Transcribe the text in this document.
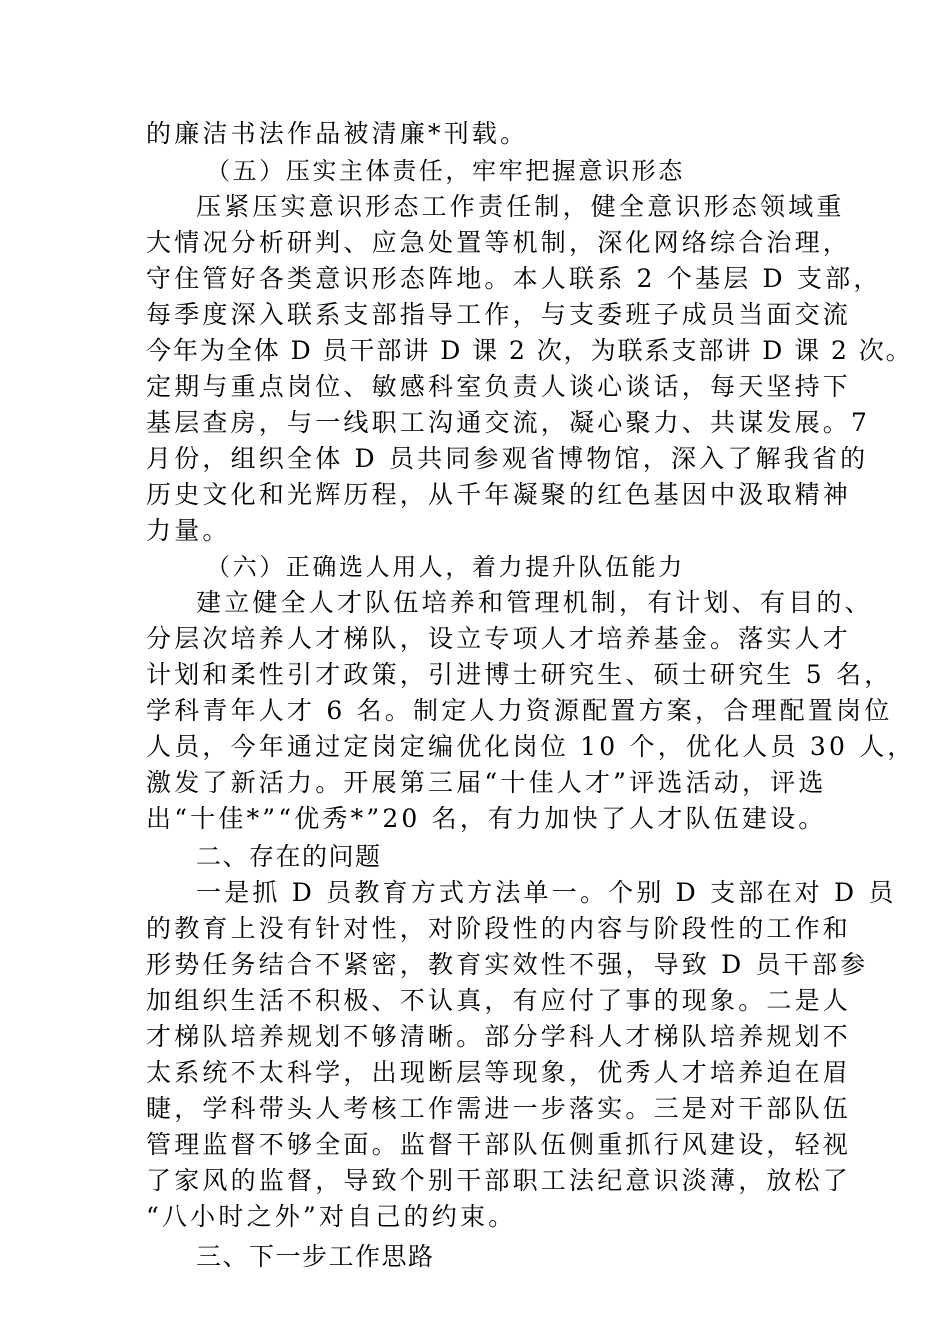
的廉洁书法作品被清廉*刊载。
（五）压实主体责任，牢牢把握意识形态
压紧压实意识形态工作责任制，健全意识形态领域重
大情况分析研判、应急处置等机制，深化网络综合治理，
守住管好各类意识形态阵地。本人联系 2 个基层 D 支部，
每季度深入联系支部指导工作，与支委班子成员当面交流
今年为全体 D 员干部讲 D 课 2 次，为联系支部讲 D 课 2 次。
定期与重点岗位、敏感科室负责人谈心谈话，每天坚持下
基层查房，与一线职工沟通交流，凝心聚力、共谋发展。7
月份，组织全体 D 员共同参观省博物馆，深入了解我省的
历史文化和光辉历程，从千年凝聚的红色基因中汲取精神
力量。
（六）正确选人用人，着力提升队伍能力
建立健全人才队伍培养和管理机制，有计划、有目的、
分层次培养人才梯队，设立专项人才培养基金。落实人才
计划和柔性引才政策，引进博士研究生、硕士研究生 5 名，
学科青年人才 6 名。制定人力资源配置方案，合理配置岗位
人员，今年通过定岗定编优化岗位 10 个，优化人员 30 人，
激发了新活力。开展第三届“十佳人才”评选活动，评选
出“十佳*”“优秀*”20 名，有力加快了人才队伍建设。
二、存在的问题
一是抓 D 员教育方式方法单一。个别 D 支部在对 D 员
的教育上没有针对性，对阶段性的内容与阶段性的工作和
形势任务结合不紧密，教育实效性不强，导致 D 员干部参
加组织生活不积极、不认真，有应付了事的现象。二是人
才梯队培养规划不够清晰。部分学科人才梯队培养规划不
太系统不太科学，出现断层等现象，优秀人才培养迫在眉
睫，学科带头人考核工作需进一步落实。三是对干部队伍
管理监督不够全面。监督干部队伍侧重抓行风建设，轻视
了家风的监督，导致个别干部职工法纪意识淡薄，放松了
“八小时之外”对自己的约束。
三、下一步工作思路
